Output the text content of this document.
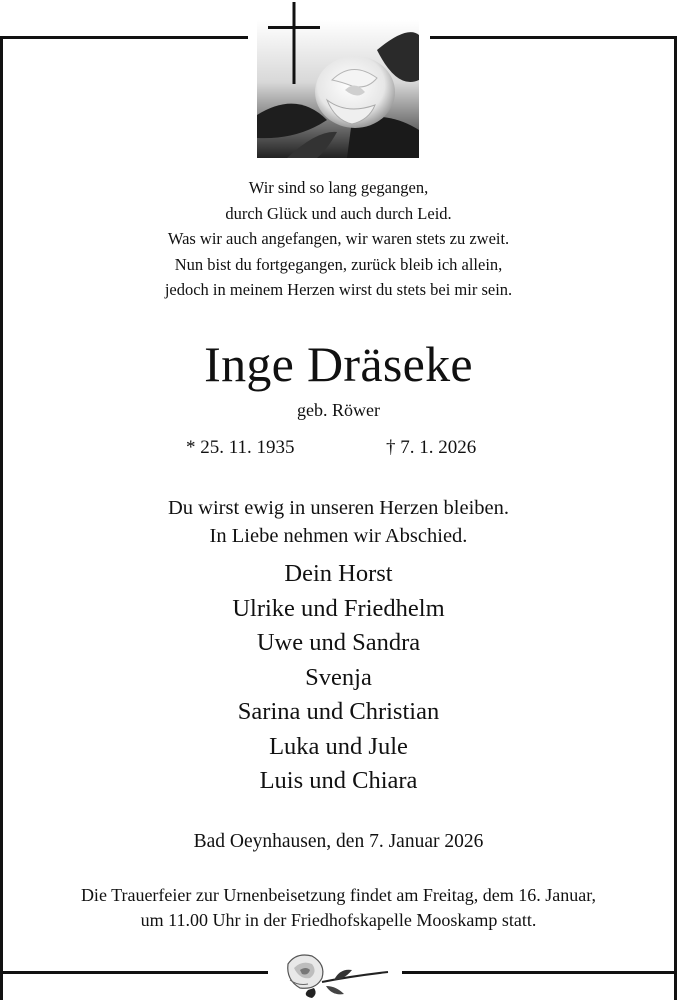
Wir sind so lang gegangen,
durch Glück und auch durch Leid.
Was wir auch angefangen, wir waren stets zu zweit.
Nun bist du fortgegangen, zurück bleib ich allein,
jedoch in meinem Herzen wirst du stets bei mir sein.
Inge Dräseke
geb. Röwer
* 25. 11. 1935	† 7. 1. 2026
Du wirst ewig in unseren Herzen bleiben.
In Liebe nehmen wir Abschied.
Dein Horst
Ulrike und Friedhelm
Uwe und Sandra
Svenja
Sarina und Christian
Luka und Jule
Luis und Chiara
Bad Oeynhausen, den 7. Januar 2026
Die Trauerfeier zur Urnenbeisetzung findet am Freitag, dem 16. Januar,
um 11.00 Uhr in der Friedhofskapelle Mooskamp statt.
